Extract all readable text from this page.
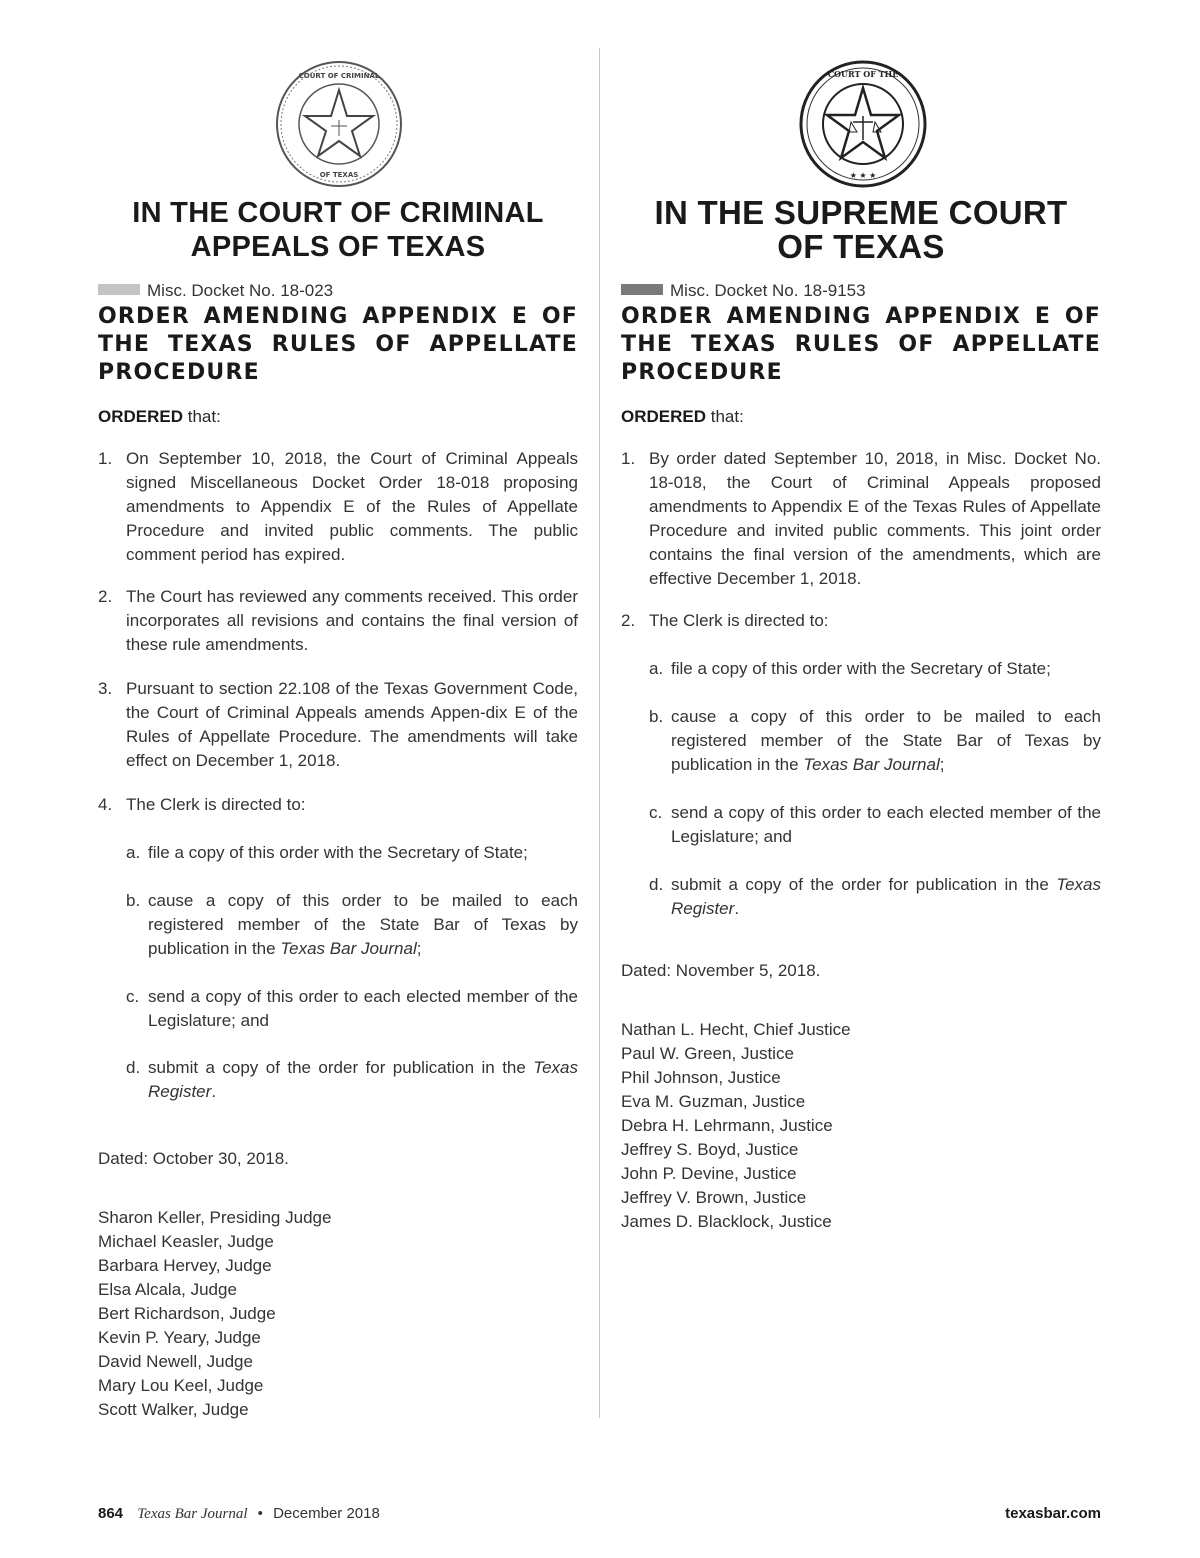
COURT OF CRIMINAL
OF TEXAS
IN THE COURT OF CRIMINAL
APPEALS OF TEXAS
Misc. Docket No. 18-023
ORDER AMENDING APPENDIX E OF THE TEXAS RULES OF APPELLATE PROCEDURE
ORDERED that:
1. On September 10, 2018, the Court of Criminal Appeals signed Miscellaneous Docket Order 18-018 proposing amendments to Appendix E of the Rules of Appellate Procedure and invited public comments. The public comment period has expired.
2. The Court has reviewed any comments received. This order incorporates all revisions and contains the final version of these rule amendments.
3. Pursuant to section 22.108 of the Texas Government Code, the Court of Criminal Appeals amends Appen-dix E of the Rules of Appellate Procedure. The amendments will take effect on December 1, 2018.
4. The Clerk is directed to:
a. file a copy of this order with the Secretary of State;
b. cause a copy of this order to be mailed to each registered member of the State Bar of Texas by publication in the Texas Bar Journal;
c. send a copy of this order to each elected member of the Legislature; and
d. submit a copy of the order for publication in the Texas Register.
Dated: October 30, 2018.
Sharon Keller, Presiding Judge
Michael Keasler, Judge
Barbara Hervey, Judge
Elsa Alcala, Judge
Bert Richardson, Judge
Kevin P. Yeary, Judge
David Newell, Judge
Mary Lou Keel, Judge
Scott Walker, Judge
COURT OF THE
★ ★ ★
IN THE SUPREME COURT
OF TEXAS
Misc. Docket No. 18-9153
ORDER AMENDING APPENDIX E OF THE TEXAS RULES OF APPELLATE PROCEDURE
ORDERED that:
1. By order dated September 10, 2018, in Misc. Docket No. 18-018, the Court of Criminal Appeals proposed amendments to Appendix E of the Texas Rules of Appellate Procedure and invited public comments. This joint order contains the final version of the amendments, which are effective December 1, 2018.
2. The Clerk is directed to:
a. file a copy of this order with the Secretary of State;
b. cause a copy of this order to be mailed to each registered member of the State Bar of Texas by publication in the Texas Bar Journal;
c. send a copy of this order to each elected member of the Legislature; and
d. submit a copy of the order for publication in the Texas Register.
Dated: November 5, 2018.
Nathan L. Hecht, Chief Justice
Paul W. Green, Justice
Phil Johnson, Justice
Eva M. Guzman, Justice
Debra H. Lehrmann, Justice
Jeffrey S. Boyd, Justice
John P. Devine, Justice
Jeffrey V. Brown, Justice
James D. Blacklock, Justice
864 Texas Bar Journal • December 2018	texasbar.com
